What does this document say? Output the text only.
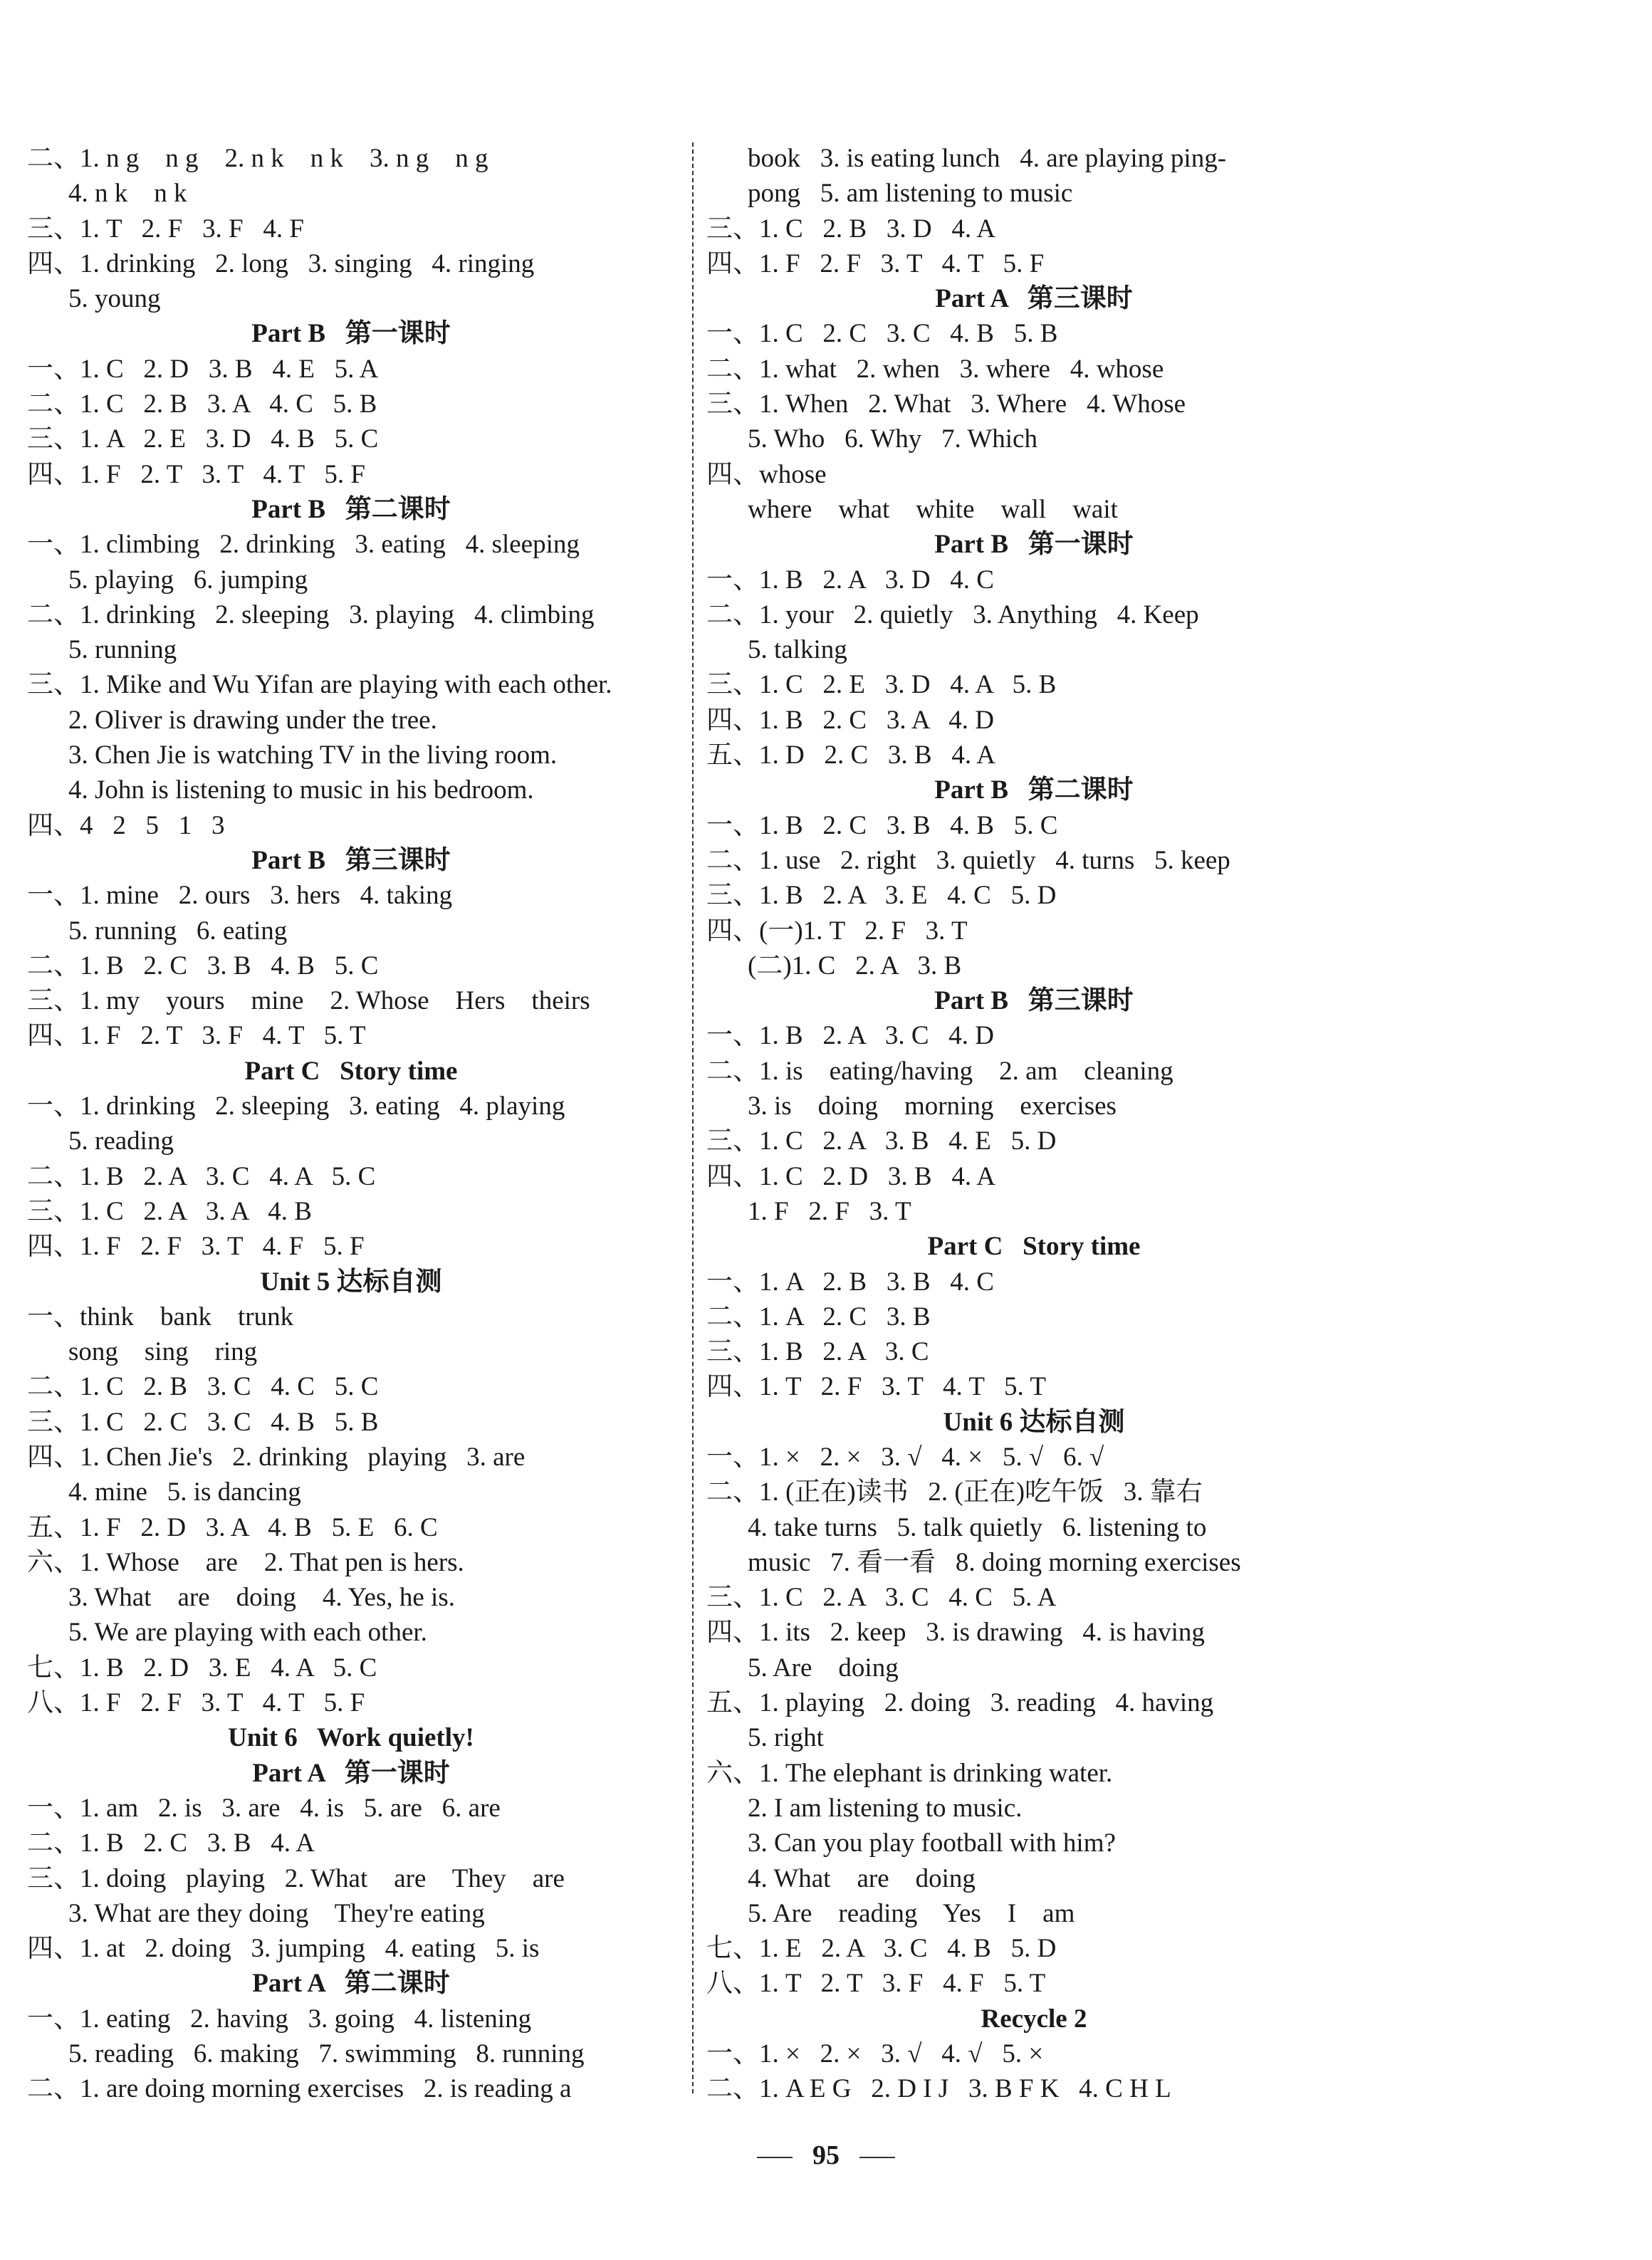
二、1. n g    n g    2. n k    n k    3. n g    n g
4. n k    n k
三、1. T   2. F   3. F   4. F
四、1. drinking   2. long   3. singing   4. ringing
5. young
Part B   第一课时
一、1. C   2. D   3. B   4. E   5. A
二、1. C   2. B   3. A   4. C   5. B
三、1. A   2. E   3. D   4. B   5. C
四、1. F   2. T   3. T   4. T   5. F
Part B   第二课时
一、1. climbing   2. drinking   3. eating   4. sleeping
5. playing   6. jumping
二、1. drinking   2. sleeping   3. playing   4. climbing
5. running
三、1. Mike and Wu Yifan are playing with each other.
2. Oliver is drawing under the tree.
3. Chen Jie is watching TV in the living room.
4. John is listening to music in his bedroom.
四、4   2   5   1   3
Part B   第三课时
一、1. mine   2. ours   3. hers   4. taking
5. running   6. eating
二、1. B   2. C   3. B   4. B   5. C
三、1. my    yours    mine    2. Whose    Hers    theirs
四、1. F   2. T   3. F   4. T   5. T
Part C   Story time
一、1. drinking   2. sleeping   3. eating   4. playing
5. reading
二、1. B   2. A   3. C   4. A   5. C
三、1. C   2. A   3. A   4. B
四、1. F   2. F   3. T   4. F   5. F
Unit 5 达标自测
一、think    bank    trunk
song    sing    ring
二、1. C   2. B   3. C   4. C   5. C
三、1. C   2. C   3. C   4. B   5. B
四、1. Chen Jie's   2. drinking   playing   3. are
4. mine   5. is dancing
五、1. F   2. D   3. A   4. B   5. E   6. C
六、1. Whose    are    2. That pen is hers.
3. What    are    doing    4. Yes, he is.
5. We are playing with each other.
七、1. B   2. D   3. E   4. A   5. C
八、1. F   2. F   3. T   4. T   5. F
Unit 6   Work quietly!
Part A   第一课时
一、1. am   2. is   3. are   4. is   5. are   6. are
二、1. B   2. C   3. B   4. A
三、1. doing   playing   2. What    are    They    are
3. What are they doing    They're eating
四、1. at   2. doing   3. jumping   4. eating   5. is
Part A   第二课时
一、1. eating   2. having   3. going   4. listening
5. reading   6. making   7. swimming   8. running
二、1. are doing morning exercises   2. is reading a
book   3. is eating lunch   4. are playing ping-
pong   5. am listening to music
三、1. C   2. B   3. D   4. A
四、1. F   2. F   3. T   4. T   5. F
Part A   第三课时
一、1. C   2. C   3. C   4. B   5. B
二、1. what   2. when   3. where   4. whose
三、1. When   2. What   3. Where   4. Whose
5. Who   6. Why   7. Which
四、whose
where    what    white    wall    wait
Part B   第一课时
一、1. B   2. A   3. D   4. C
二、1. your   2. quietly   3. Anything   4. Keep
5. talking
三、1. C   2. E   3. D   4. A   5. B
四、1. B   2. C   3. A   4. D
五、1. D   2. C   3. B   4. A
Part B   第二课时
一、1. B   2. C   3. B   4. B   5. C
二、1. use   2. right   3. quietly   4. turns   5. keep
三、1. B   2. A   3. E   4. C   5. D
四、(一)1. T   2. F   3. T
(二)1. C   2. A   3. B
Part B   第三课时
一、1. B   2. A   3. C   4. D
二、1. is    eating/having    2. am    cleaning
3. is    doing    morning    exercises
三、1. C   2. A   3. B   4. E   5. D
四、1. C   2. D   3. B   4. A
1. F   2. F   3. T
Part C   Story time
一、1. A   2. B   3. B   4. C
二、1. A   2. C   3. B
三、1. B   2. A   3. C
四、1. T   2. F   3. T   4. T   5. T
Unit 6 达标自测
一、1. ×   2. ×   3. √   4. ×   5. √   6. √
二、1. (正在)读书   2. (正在)吃午饭   3. 靠右
4. take turns   5. talk quietly   6. listening to
music   7. 看一看   8. doing morning exercises
三、1. C   2. A   3. C   4. C   5. A
四、1. its   2. keep   3. is drawing   4. is having
5. Are    doing
五、1. playing   2. doing   3. reading   4. having
5. right
六、1. The elephant is drinking water.
2. I am listening to music.
3. Can you play football with him?
4. What    are    doing
5. Are    reading    Yes    I    am
七、1. E   2. A   3. C   4. B   5. D
八、1. T   2. T   3. F   4. F   5. T
Recycle 2
一、1. ×   2. ×   3. √   4. √   5. ×
二、1. A E G   2. D I J   3. B F K   4. C H L
95
